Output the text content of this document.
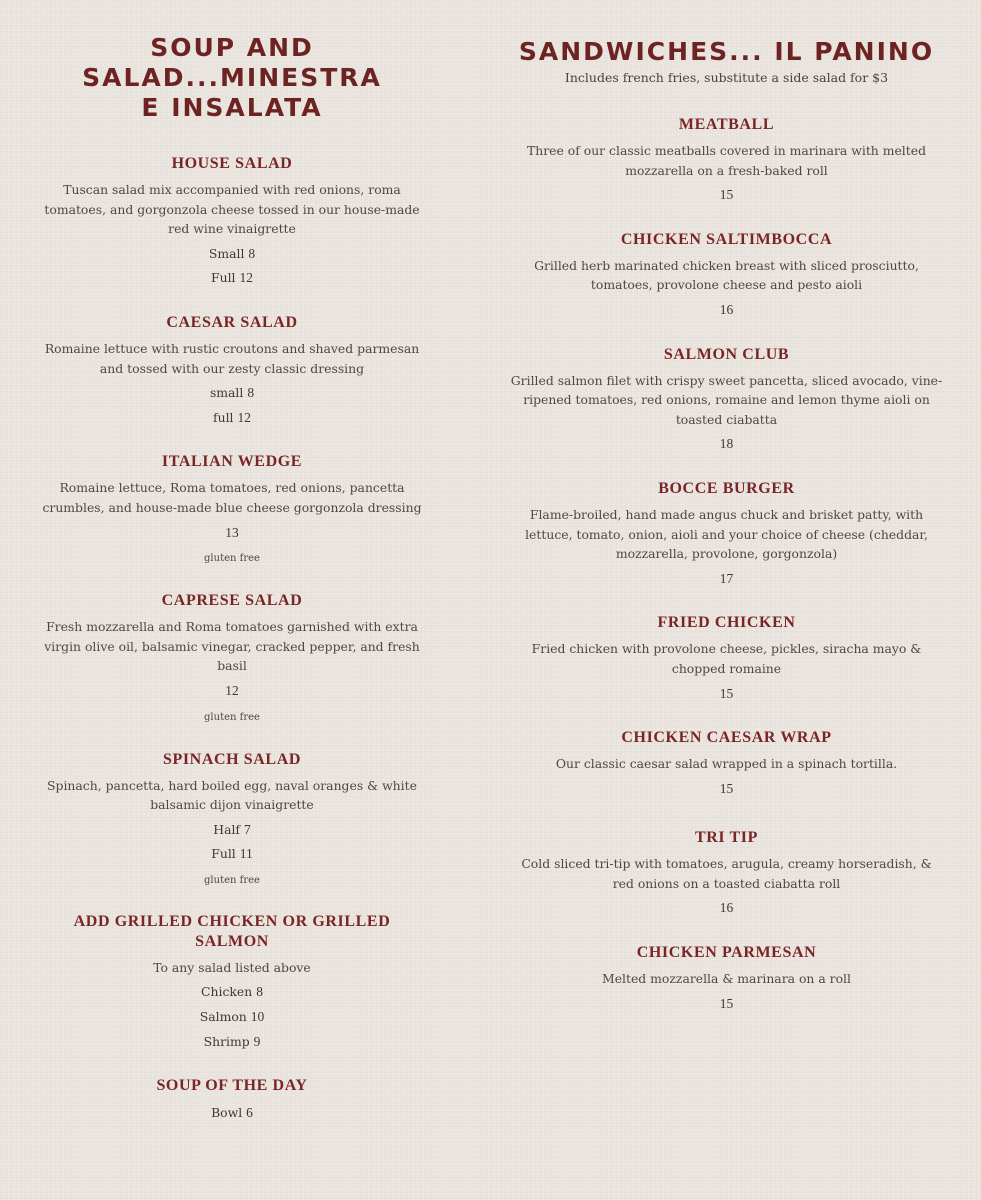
SOUP AND SALAD...MINESTRA E INSALATA
HOUSE SALAD
Tuscan salad mix accompanied with red onions, roma tomatoes, and gorgonzola cheese tossed in our house-made red wine vinaigrette
Small 8
Full 12
CAESAR SALAD
Romaine lettuce with rustic croutons and shaved parmesan and tossed with our zesty classic dressing
small 8
full 12
ITALIAN WEDGE
Romaine lettuce, Roma tomatoes, red onions, pancetta crumbles, and house-made blue cheese gorgonzola dressing
13
gluten free
CAPRESE SALAD
Fresh mozzarella and Roma tomatoes garnished with extra virgin olive oil, balsamic vinegar, cracked pepper, and fresh basil
12
gluten free
SPINACH SALAD
Spinach, pancetta, hard boiled egg, naval oranges & white balsamic dijon vinaigrette
Half 7
Full 11
gluten free
ADD GRILLED CHICKEN OR GRILLED SALMON
To any salad listed above
Chicken 8
Salmon 10
Shrimp 9
SOUP OF THE DAY
Bowl 6
SANDWICHES... IL PANINO
Includes french fries, substitute a side salad for $3
MEATBALL
Three of our classic meatballs covered in marinara with melted mozzarella on a fresh-baked roll
15
CHICKEN SALTIMBOCCA
Grilled herb marinated chicken breast with sliced prosciutto, tomatoes, provolone cheese and pesto aioli
16
SALMON CLUB
Grilled salmon filet with crispy sweet pancetta, sliced avocado, vine-ripened tomatoes, red onions, romaine and lemon thyme aioli on toasted ciabatta
18
BOCCE BURGER
Flame-broiled, hand made angus chuck and brisket patty, with lettuce, tomato, onion, aioli and your choice of cheese (cheddar, mozzarella, provolone, gorgonzola)
17
FRIED CHICKEN
Fried chicken with provolone cheese, pickles, siracha mayo & chopped romaine
15
CHICKEN CAESAR WRAP
Our classic caesar salad wrapped in a spinach tortilla.
15
TRI TIP
Cold sliced tri-tip with tomatoes, arugula, creamy horseradish, & red onions on a toasted ciabatta roll
16
CHICKEN PARMESAN
Melted mozzarella & marinara on a roll
15
